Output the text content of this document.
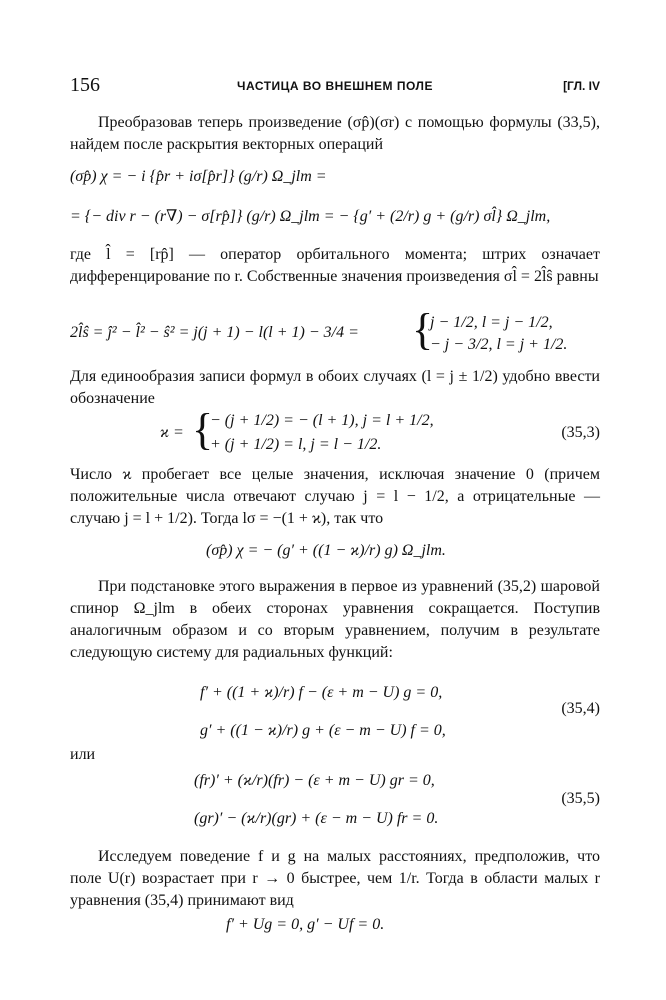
156	ЧАСТИЦА ВО ВНЕШНЕМ ПОЛЕ	[ГЛ. IV
Преобразовав теперь произведение (σp̂)(σr) с помощью формулы (33,5), найдем после раскрытия векторных операций
(σp̂) χ = − i {p̂r + iσ[p̂r]} (g/r) Ω_jlm =
= {− div r − (r∇) − σ[rp̂]} (g/r) Ω_jlm = − {g′ + (2/r) g + (g/r) σl̂} Ω_jlm,
где l̂ = [rp̂] — оператор орбитального момента; штрих означает дифференцирование по r. Собственные значения произведения σl̂ = 2l̂ŝ равны
2l̂ŝ = ĵ² − l̂² − ŝ² = j(j + 1) − l(l + 1) − 3/4 = {
j − 1/2, l = j − 1/2,
− j − 3/2, l = j + 1/2.
Для единообразия записи формул в обоих случаях (l = j ± 1/2) удобно ввести обозначение
ϰ = {
− (j + 1/2) = − (l + 1), j = l + 1/2,
+ (j + 1/2) = l, j = l − 1/2.
(35,3)
Число ϰ пробегает все целые значения, исключая значение 0 (причем положительные числа отвечают случаю j = l − 1/2, а отрицательные — случаю j = l + 1/2). Тогда lσ = −(1 + ϰ), так что
(σp̂) χ = − (g′ + ((1 − ϰ)/r) g) Ω_jlm.
При подстановке этого выражения в первое из уравнений (35,2) шаровой спинор Ω_jlm в обеих сторонах уравнения сокращается. Поступив аналогичным образом и со вторым уравнением, получим в результате следующую систему для радиальных функций:
f′ + ((1 + ϰ)/r) f − (ε + m − U) g = 0,
g′ + ((1 − ϰ)/r) g + (ε − m − U) f = 0,
(35,4)
или
(fr)′ + (ϰ/r)(fr) − (ε + m − U) gr = 0,
(gr)′ − (ϰ/r)(gr) + (ε − m − U) fr = 0.
(35,5)
Исследуем поведение f и g на малых расстояниях, предположив, что поле U(r) возрастает при r → 0 быстрее, чем 1/r. Тогда в области малых r уравнения (35,4) принимают вид
f′ + Ug = 0, g′ − Uf = 0.
